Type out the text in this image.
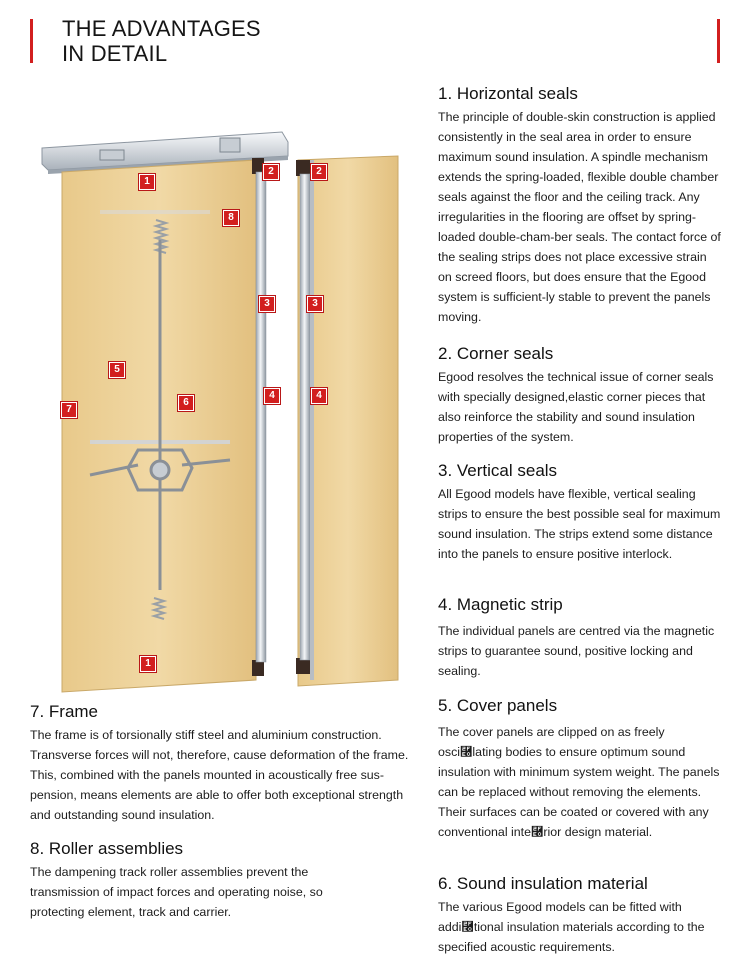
THE ADVANTAGES
IN DETAIL
1
2
8
2
3	3
5
4	4
7
6
1
1. Horizontal seals

The principle of double-skin construction is applied consistently in the seal area in order to ensure maximum sound insulation. A spindle mechanism extends the spring-loaded, flexible double chamber seals against the floor and the ceiling track. Any irregularities in the flooring are offset by spring-loaded double-cham-ber seals. The contact force of the sealing strips does not place excessive strain on screed floors, but does ensure that the Egood system is sufficient-ly stable to prevent the panels moving.

2. Corner seals

Egood resolves the technical issue of corner seals with specially designed,elastic corner pieces that also reinforce the stability and sound insulation properties of the system.

3. Vertical seals

All Egood models have flexible, vertical sealing strips to ensure the best possible seal for maximum sound insulation. The strips extend some distance into the panels to ensure positive interlock.

4. Magnetic strip

The individual panels are centred via the magnetic strips to guarantee sound, positive locking and sealing.

5. Cover panels

The cover panels are clipped on as freely osci⿠lating bodies to ensure optimum sound insulation with minimum system weight. The panels can be replaced without removing the elements. Their surfaces can be coated or covered with any conventional inte⿠rior design material.

6. Sound insulation material

The various Egood models can be fitted with addi⿠tional insulation materials according to the specified acoustic requirements.

7. Frame

The frame is of torsionally stiff steel and aluminium construction. Transverse forces will not, therefore, cause deformation of the frame. This, combined with the panels mounted in acoustically free sus- pension, means elements are able to offer both exceptional strength and outstanding sound insulation.

8. Roller assemblies

The dampening track roller assemblies prevent the transmission of impact forces and operating noise, so protecting element, track and carrier.
